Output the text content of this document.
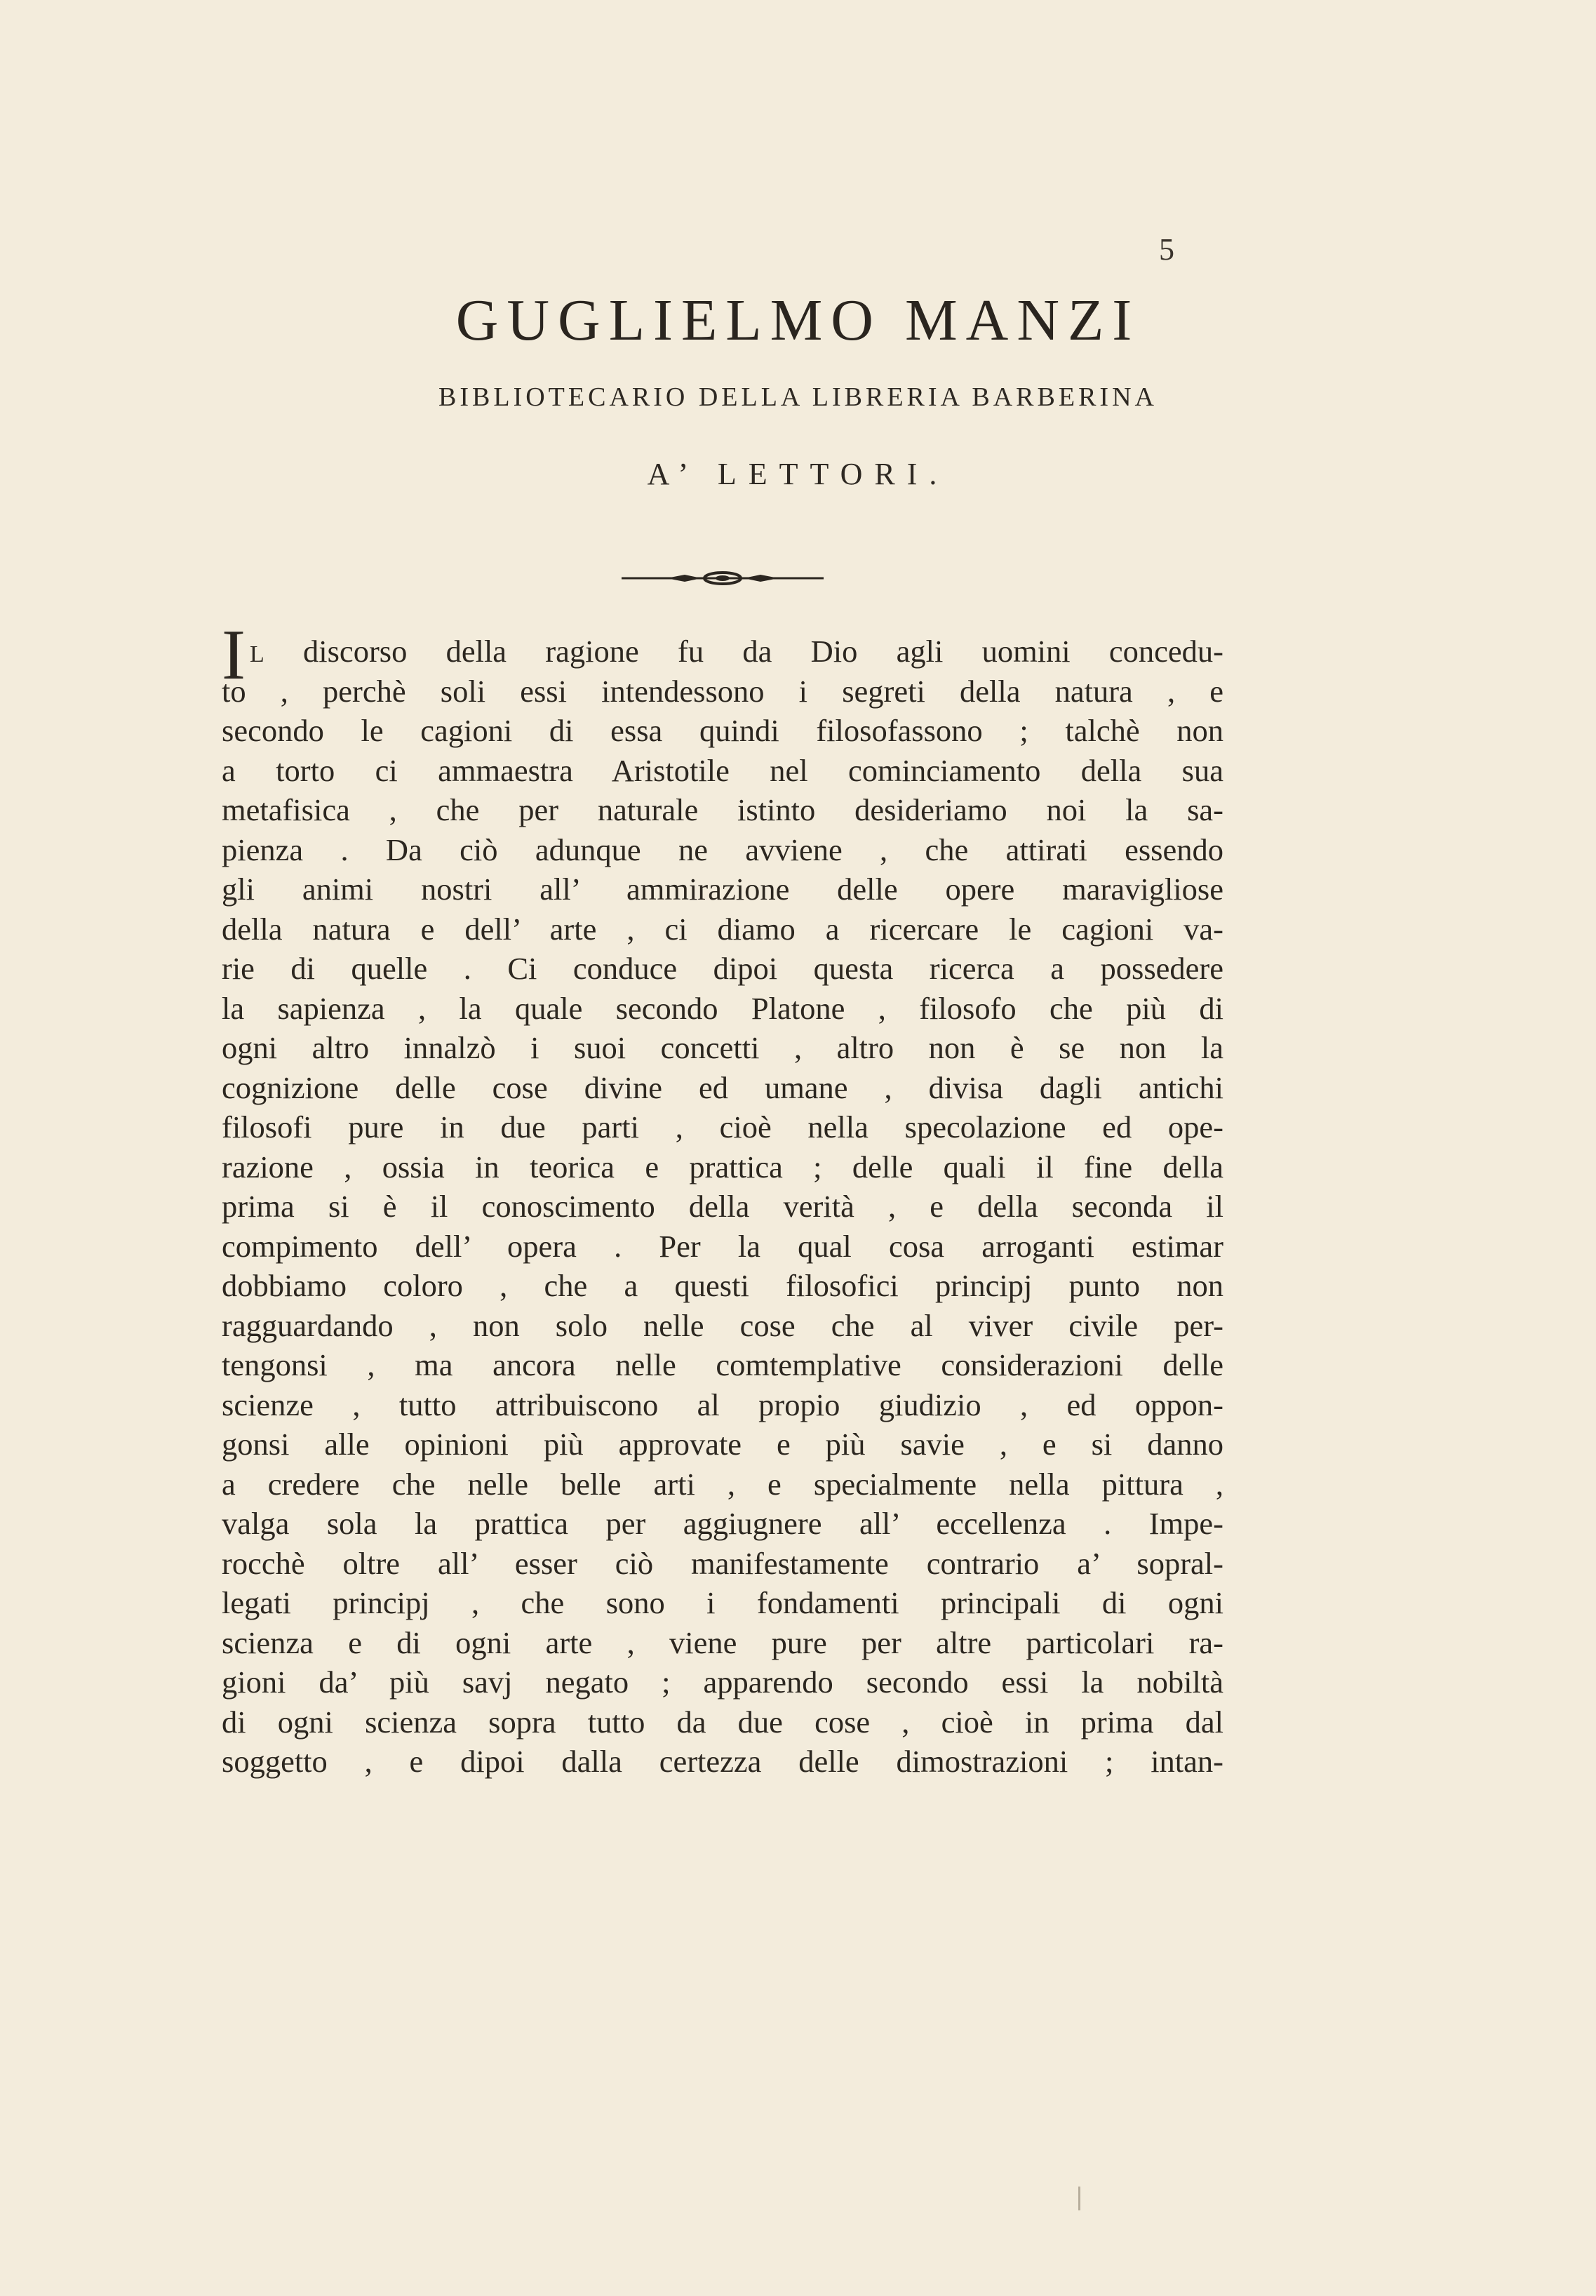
5
GUGLIELMO MANZI
BIBLIOTECARIO DELLA LIBRERIA BARBERINA
A’ LETTORI.
I L discorso della ragione fu da Dio agli uomini concedu-
to , perchè soli essi intendessono i segreti della natura , e
secondo le cagioni di essa quindi filosofassono ; talchè non
a torto ci ammaestra Aristotile nel cominciamento della sua
metafisica , che per naturale istinto desideriamo noi la sa-
pienza . Da ciò adunque ne avviene , che attirati essendo
gli animi nostri all’ ammirazione delle opere maravigliose
della natura e dell’ arte , ci diamo a ricercare le cagioni va-
rie di quelle . Ci conduce dipoi questa ricerca a possedere
la sapienza , la quale secondo Platone , filosofo che più di
ogni altro innalzò i suoi concetti , altro non è se non la
cognizione delle cose divine ed umane , divisa dagli antichi
filosofi pure in due parti , cioè nella specolazione ed ope-
razione , ossia in teorica e prattica ; delle quali il fine della
prima si è il conoscimento della verità , e della seconda il
compimento dell’ opera . Per la qual cosa arroganti estimar
dobbiamo coloro , che a questi filosofici principj punto non
ragguardando , non solo nelle cose che al viver civile per-
tengonsi , ma ancora nelle comtemplative considerazioni delle
scienze , tutto attribuiscono al propio giudizio , ed oppon-
gonsi alle opinioni più approvate e più savie , e si danno
a credere che nelle belle arti , e specialmente nella pittura ,
valga sola la prattica per aggiugnere all’ eccellenza . Impe-
rocchè oltre all’ esser ciò manifestamente contrario a’ sopral-
legati principj , che sono i fondamenti principali di ogni
scienza e di ogni arte , viene pure per altre particolari ra-
gioni da’ più savj negato ; apparendo secondo essi la nobiltà
di ogni scienza sopra tutto da due cose , cioè in prima dal
soggetto , e dipoi dalla certezza delle dimostrazioni ; intan-
